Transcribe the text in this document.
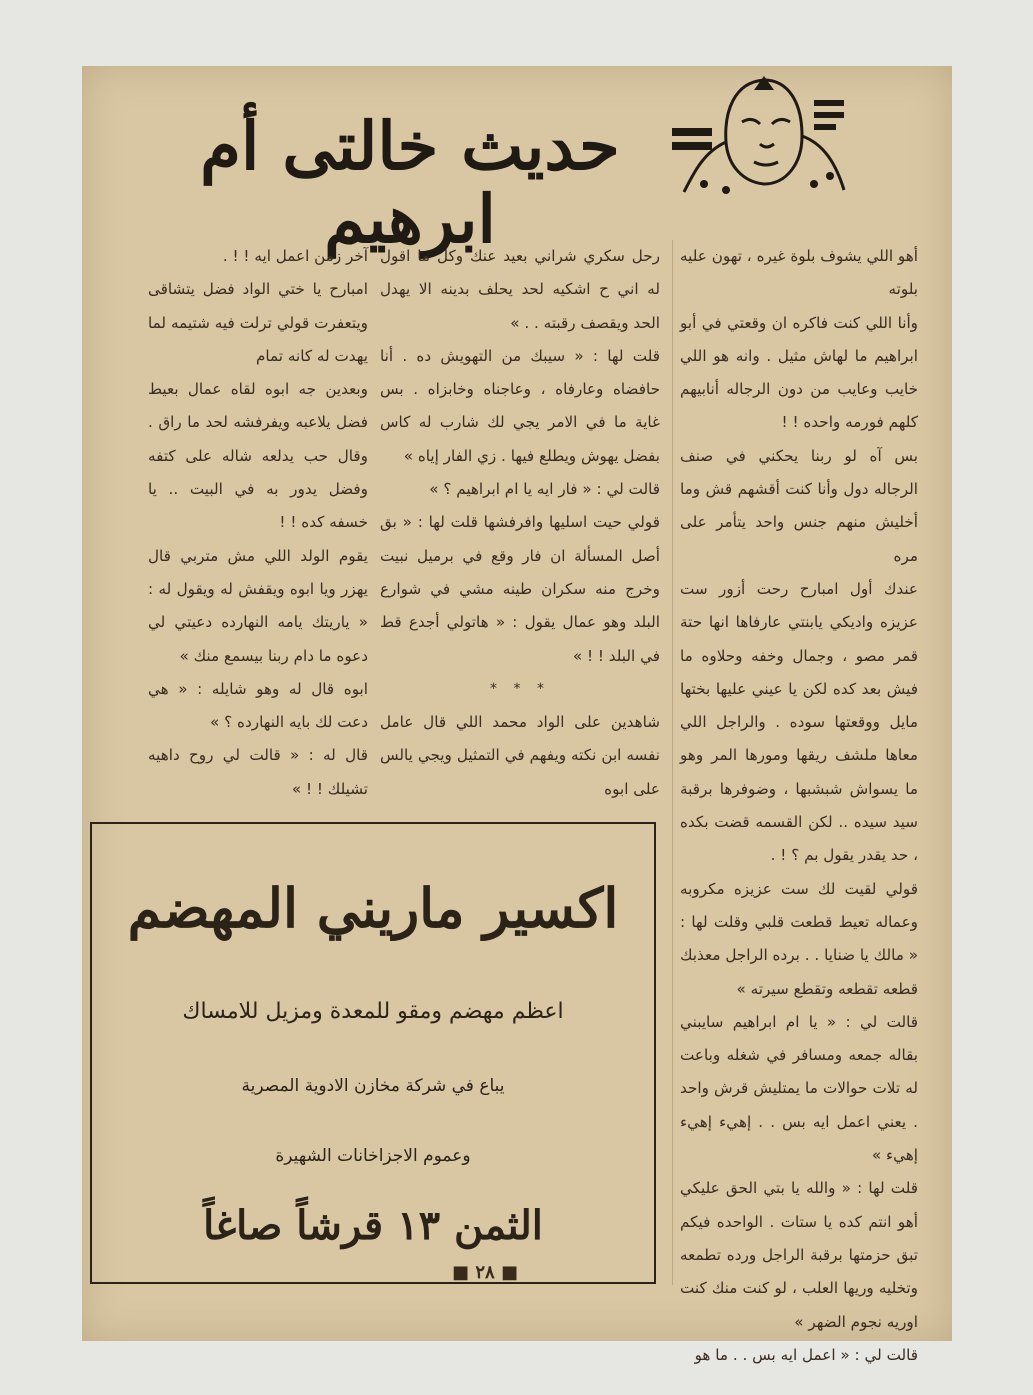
حديث خالتى أم ابرهيم	أهو اللي يشوف بلوة غيره ، تهون عليه بلوته

وأنا اللي كنت فاكره ان وقعتي في أبو ابراهيم ما لهاش مثيل . وانه هو اللي خايب وعايب من دون الرجاله أنابيهم كلهم فورمه واحده ! !

بس آه لو ربنا يحكني في صنف الرجاله دول وأنا كنت أقشهم قش وما أخليش منهم جنس واحد يتأمر على مره

عندك أول امبارح رحت أزور ست عزيزه واديكي يابنتي عارفاها انها حتة قمر مصو ، وجمال وخفه وحلاوه ما فيش بعد كده لكن يا عيني عليها بختها مايل ووقعتها سوده . والراجل اللي معاها ملشف ريقها ومورها المر وهو ما يسواش شبشبها ، وضوفرها برقبة سيد سيده .. لكن القسمه قضت بكده ، حد يقدر يقول بم ؟ ! .

قولي لقيت لك ست عزيزه مكروبه وعماله تعيط قطعت قلبي وقلت لها : « مالك يا ضنايا . . برده الراجل معذبك قطعه تقطعه وتقطع سيرته »

قالت لي : « يا ام ابراهيم سايبني بقاله جمعه ومسافر في شغله وباعت له تلات حوالات ما يمتليش قرش واحد . يعني اعمل ايه بس . . إهيء إهيء إهيء »

قلت لها : « والله يا بتي الحق عليكي أهو انتم كده يا ستات . الواحده فيكم تبق حزمتها برقبة الراجل ورده تطمعه وتخليه وريها العلب ، لو كنت منك كنت اوريه نجوم الضهر »

قالت لي : « اعمل ايه بس . . ما هو

رحل سكري شراني بعيد عنك وكل ما اقول له اني ح اشكيه لحد يحلف بدينه الا يهدل الحد ويقصف رقبته . . »

قلت لها : « سيبك من التهويش ده . أنا حافضاه وعارفاه ، وعاجناه وخابزاه . بس غاية ما في الامر يجي لك شارب له كاس بفضل يهوش ويطلع فيها . زي الفار إياه »

قالت لي : « فار ايه يا ام ابراهيم ؟ »

قولي حيت اسليها وافرفشها قلت لها : « بق أصل المسألة ان فار وقع في برميل نبيت وخرج منه سكران طينه مشي في شوارع البلد وهو عمال يقول : « هاتولي أجدع قط في البلد ! ! »

* * *

شاهدين على الواد محمد اللي قال عامل نفسه ابن نكته ويفهم في التمثيل ويجي يالس على ابوه

آخر زمن اعمل ايه ! ! .

امبارح يا ختي الواد فضل يتشاقى ويتعفرت قولي ترلت فيه شتيمه لما يهدت له كانه تمام

وبعدين جه ابوه لقاه عمال بعيط فضل يلاعبه ويفرفشه لحد ما راق . وقال حب يدلعه شاله على كتفه وفضل يدور به في البيت .. يا خسفه كده ! !

يقوم الولد اللي مش متربي قال يهزر ويا ابوه ويقفش له ويقول له : « ياريتك يامه النهارده دعيتي لي دعوه ما دام ربنا بيسمع منك »

ابوه قال له وهو شايله : « هي دعت لك بايه النهارده ؟ »

قال له : « قالت لي روح داهيه تشيلك ! ! »

اكسير ماريني المهضم
اعظم مهضم ومقو للمعدة ومزيل للامساك
يباع في شركة مخازن الادوية المصرية
وعموم الاجزاخانات الشهيرة
الثمن ١٣ قرشاً صاغاً
■ ٢٨ ■
